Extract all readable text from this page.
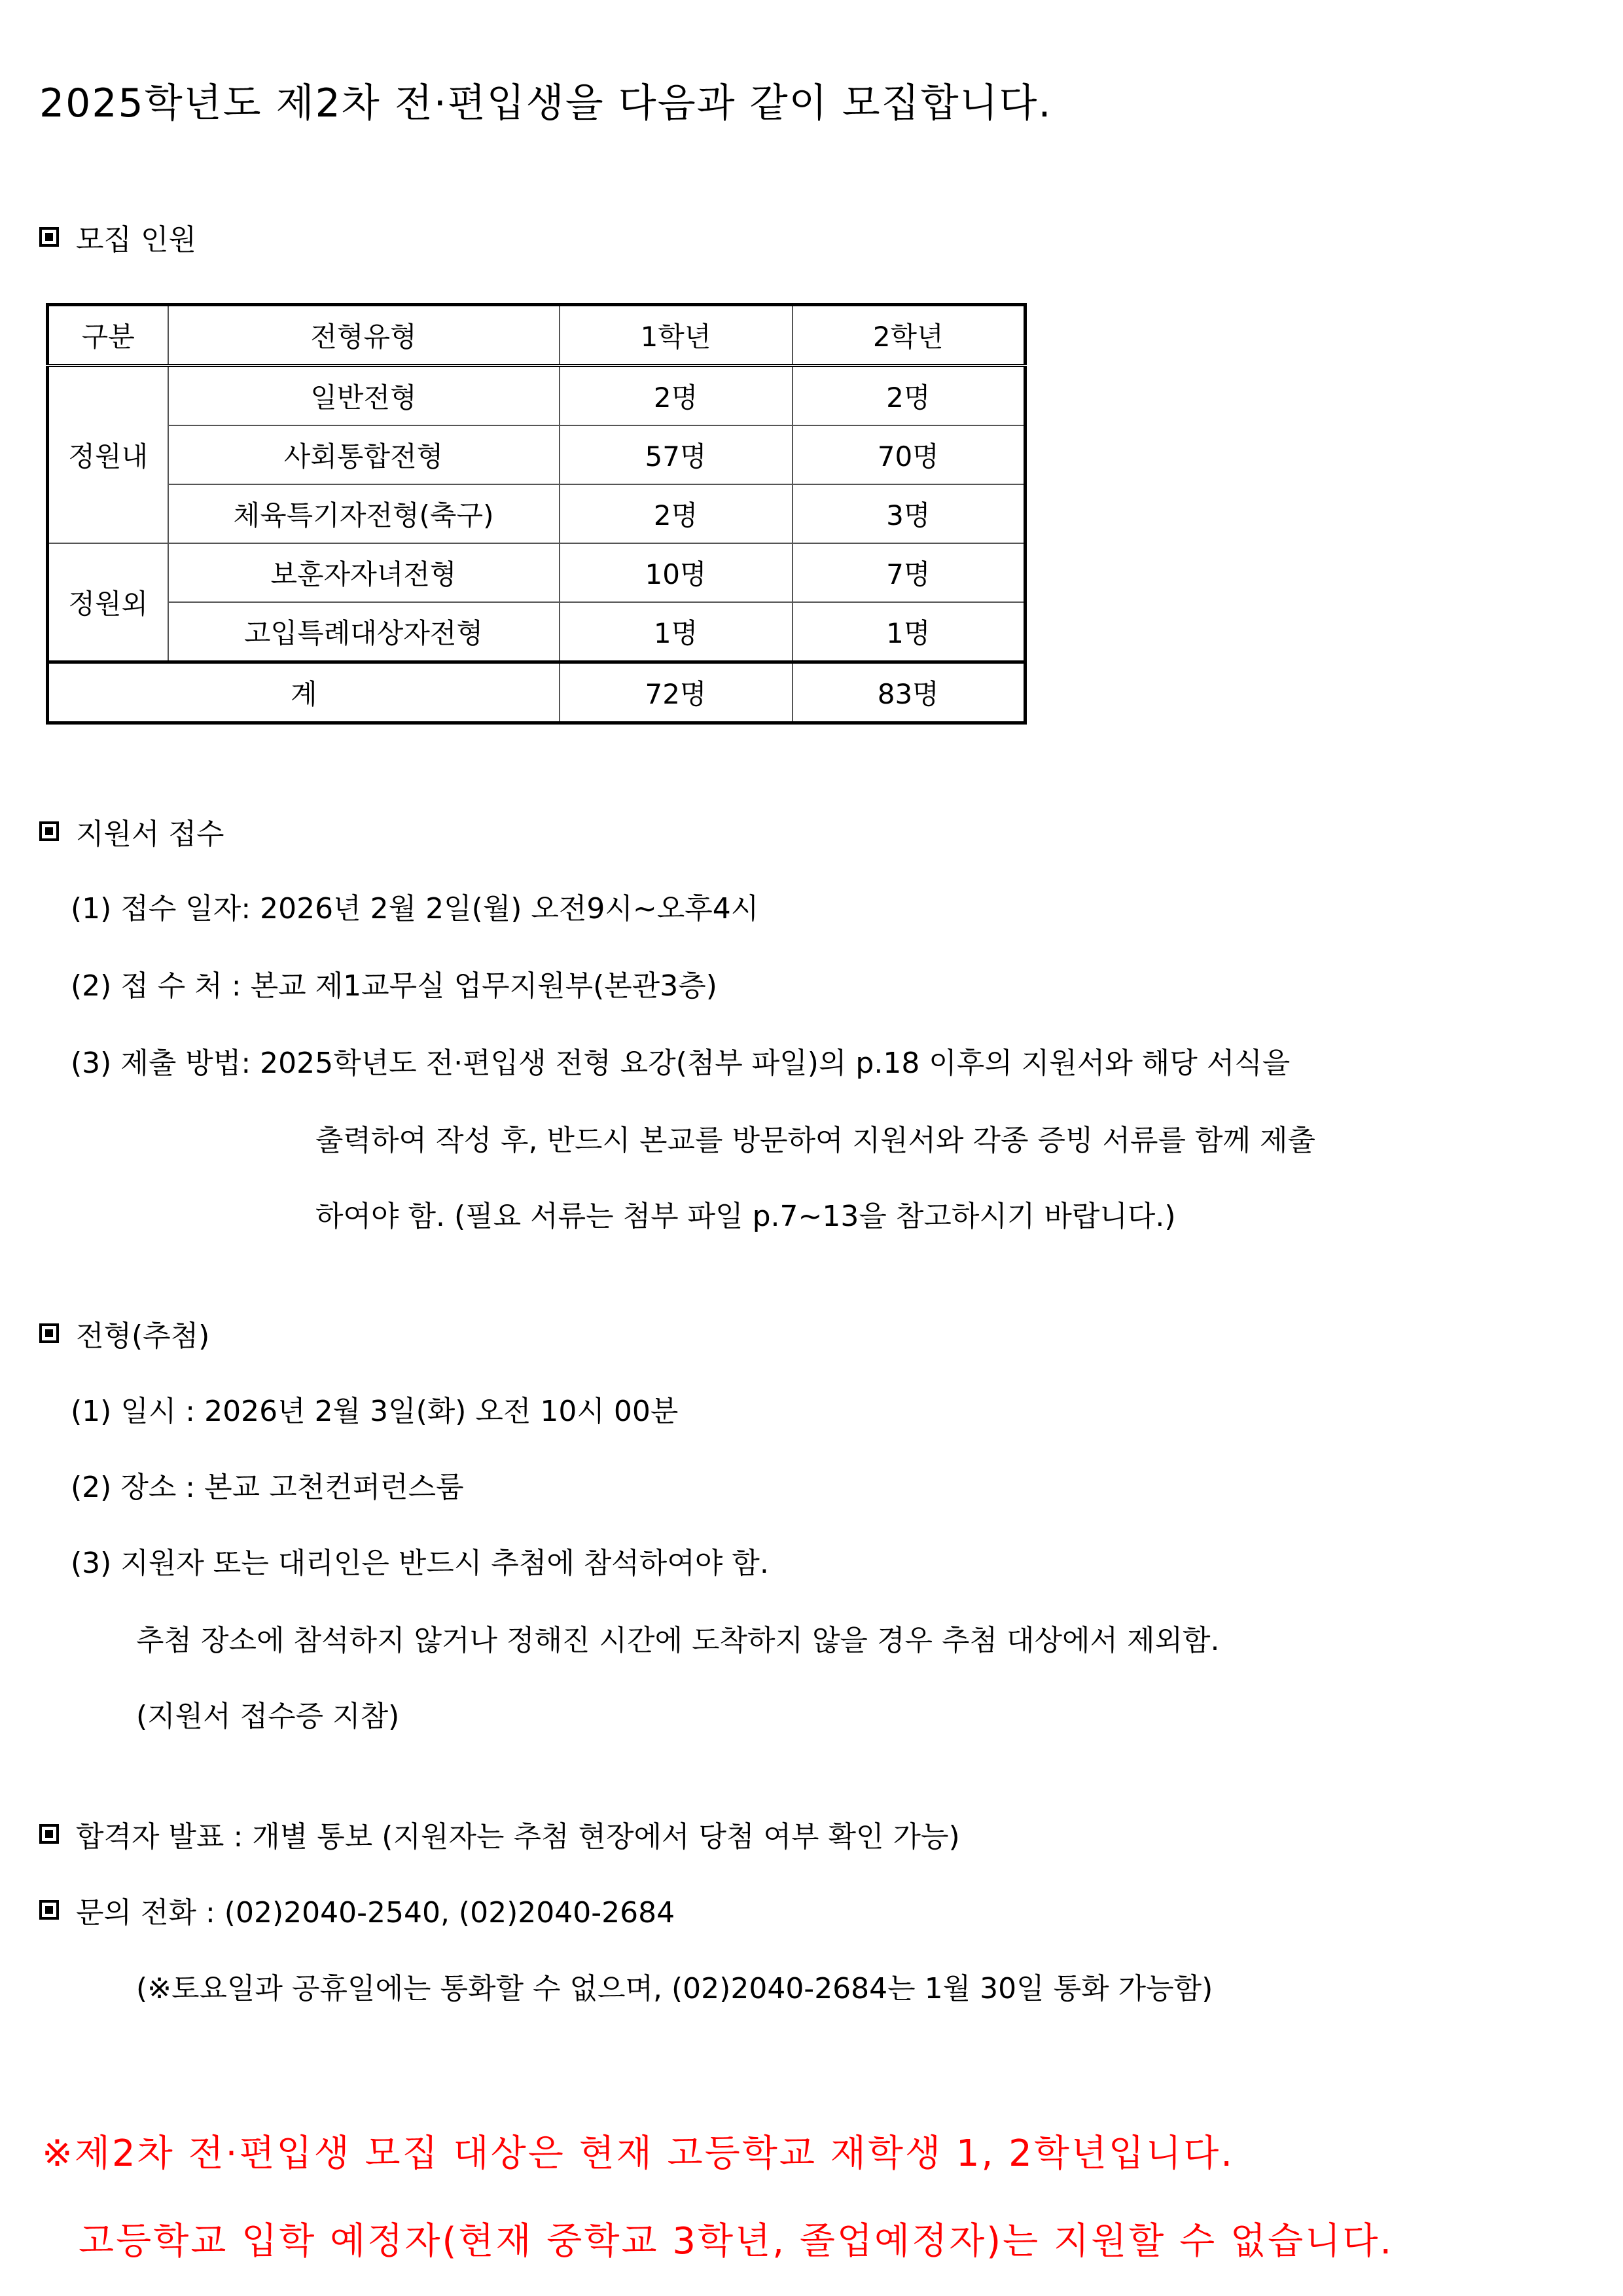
2025학년도 제2차 전·편입생을 다음과 같이 모집합니다.
모집 인원
구분	전형유형	1학년	2학년
정원내	일반전형	2명	2명
	사회통합전형	57명	70명
	체육특기자전형(축구)	2명	3명
정원외	보훈자자녀전형	10명	7명
	고입특례대상자전형	1명	1명
계		72명	83명
지원서 접수
(1) 접수 일자: 2026년 2월 2일(월) 오전9시~오후4시
(2) 접 수 처 : 본교 제1교무실 업무지원부(본관3층)
(3) 제출 방법: 2025학년도 전·편입생 전형 요강(첨부 파일)의 p.18 이후의 지원서와 해당 서식을
출력하여 작성 후, 반드시 본교를 방문하여 지원서와 각종 증빙 서류를 함께 제출
하여야 함. (필요 서류는 첨부 파일 p.7~13을 참고하시기 바랍니다.)
전형(추첨)
(1) 일시 : 2026년 2월 3일(화) 오전 10시 00분
(2) 장소 : 본교 고천컨퍼런스룸
(3) 지원자 또는 대리인은 반드시 추첨에 참석하여야 함.
추첨 장소에 참석하지 않거나 정해진 시간에 도착하지 않을 경우 추첨 대상에서 제외함.
(지원서 접수증 지참)
합격자 발표 : 개별 통보 (지원자는 추첨 현장에서 당첨 여부 확인 가능)
문의 전화 : (02)2040-2540, (02)2040-2684
(※토요일과 공휴일에는 통화할 수 없으며, (02)2040-2684는 1월 30일 통화 가능함)
※제2차 전·편입생 모집 대상은 현재 고등학교 재학생 1, 2학년입니다.
고등학교 입학 예정자(현재 중학교 3학년, 졸업예정자)는 지원할 수 없습니다.
